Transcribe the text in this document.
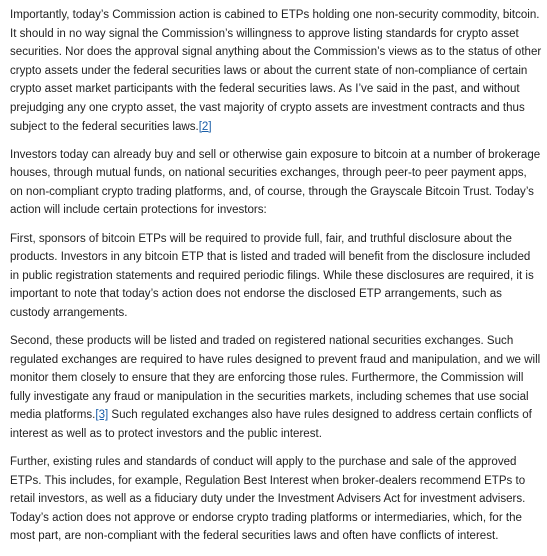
Importantly, today’s Commission action is cabined to ETPs holding one non-security commodity, bitcoin. It should in no way signal the Commission’s willingness to approve listing standards for crypto asset securities. Nor does the approval signal anything about the Commission’s views as to the status of other crypto assets under the federal securities laws or about the current state of non-compliance of certain crypto asset market participants with the federal securities laws. As I’ve said in the past, and without prejudging any one crypto asset, the vast majority of crypto assets are investment contracts and thus subject to the federal securities laws.[2]

Investors today can already buy and sell or otherwise gain exposure to bitcoin at a number of brokerage houses, through mutual funds, on national securities exchanges, through peer-to peer payment apps, on non-compliant crypto trading platforms, and, of course, through the Grayscale Bitcoin Trust. Today’s action will include certain protections for investors:

First, sponsors of bitcoin ETPs will be required to provide full, fair, and truthful disclosure about the products. Investors in any bitcoin ETP that is listed and traded will benefit from the disclosure included in public registration statements and required periodic filings. While these disclosures are required, it is important to note that today’s action does not endorse the disclosed ETP arrangements, such as custody arrangements.

Second, these products will be listed and traded on registered national securities exchanges. Such regulated exchanges are required to have rules designed to prevent fraud and manipulation, and we will monitor them closely to ensure that they are enforcing those rules. Furthermore, the Commission will fully investigate any fraud or manipulation in the securities markets, including schemes that use social media platforms.[3] Such regulated exchanges also have rules designed to address certain conflicts of interest as well as to protect investors and the public interest.

Further, existing rules and standards of conduct will apply to the purchase and sale of the approved ETPs. This includes, for example, Regulation Best Interest when broker-dealers recommend ETPs to retail investors, as well as a fiduciary duty under the Investment Advisers Act for investment advisers. Today’s action does not approve or endorse crypto trading platforms or intermediaries, which, for the most part, are non-compliant with the federal securities laws and often have conflicts of interest.
